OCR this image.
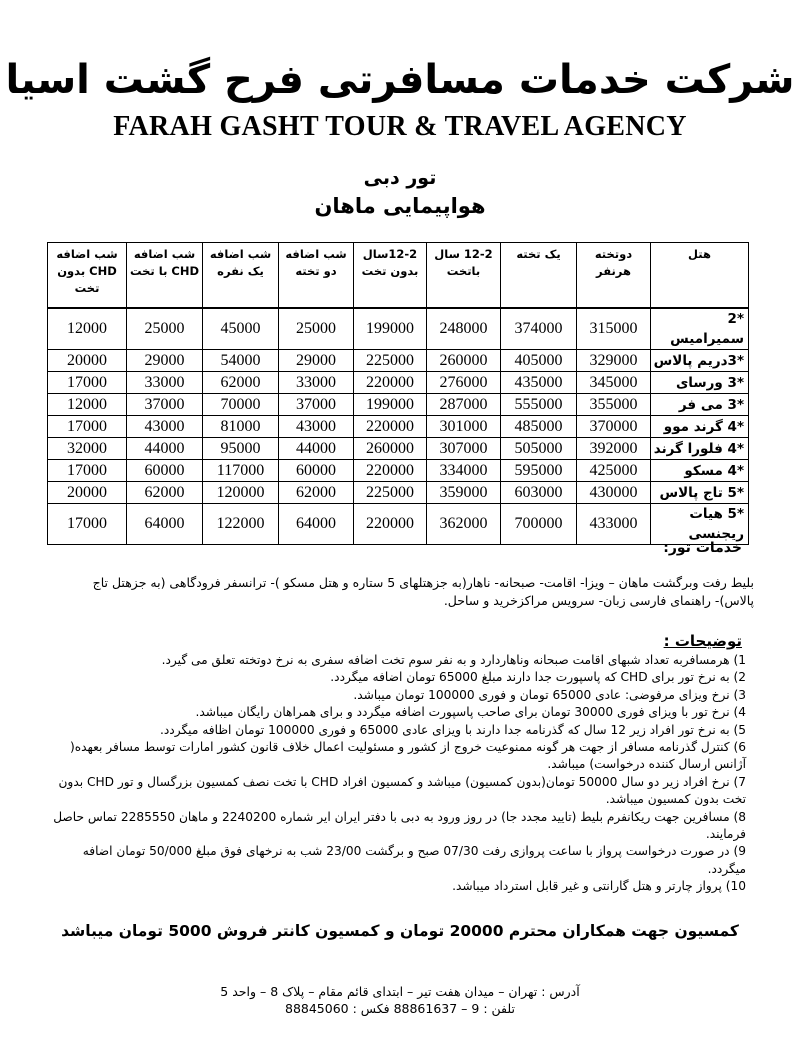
شرکت خدمات مسافرتی فرح گشت اسیا
FARAH GASHT TOUR & TRAVEL AGENCY
تور دبی
هواپیمایی ماهان
شب اضافه CHD بدون تخت	شب اضافه CHD با تخت	شب اضافه یک نفره	شب اضافه دو تخته	12-2سال بدون تخت	12-2 سال باتخت	یک تخته	دوتخته هرنفر	هتل
12000	25000	45000	25000	199000	248000	374000	315000	*2 سمیرامیس
20000	29000	54000	29000	225000	260000	405000	329000	*3دریم پالاس
17000	33000	62000	33000	220000	276000	435000	345000	*3 ورسای
12000	37000	70000	37000	199000	287000	555000	355000	*3 می فر
17000	43000	81000	43000	220000	301000	485000	370000	*4 گرند موو
32000	44000	95000	44000	260000	307000	505000	392000	*4 فلورا گرند
17000	60000	117000	60000	220000	334000	595000	425000	*4 مسکو
20000	62000	120000	62000	225000	359000	603000	430000	*5 تاج پالاس
17000	64000	122000	64000	220000	362000	700000	433000	*5 هیات ریجنسی
خدمات تور:
بلیط رفت وبرگشت ماهان – ویزا- اقامت- صبحانه- ناهار(به جزهتلهای 5 ستاره و هتل مسکو )- ترانسفر فرودگاهی (به جزهتل تاج پالاس)- راهنمای فارسی زبان- سرویس مراکزخرید و ساحل.
توضیحات :
1) هرمسافربه تعداد شبهای اقامت صبحانه وناهاردارد و به نفر سوم تخت اضافه سفری به نرخ دوتخته تعلق می گیرد.
2) به نرخ تور برای CHD که پاسپورت جدا دارند مبلغ 65000 تومان اضافه میگردد.
3) نرخ ویزای مرفوضی: عادی 65000 تومان و فوری 100000 تومان میباشد.
4) نرخ تور با ویزای فوری 30000 تومان برای صاحب پاسپورت اضافه میگردد و برای همراهان رایگان میباشد.
5) به نرخ تور افراد زیر 12 سال که گذرنامه جدا دارند با ویزای عادی 65000 و فوری 100000 تومان اظافه میگردد.
6) کنترل گذرنامه مسافر از جهت هر گونه ممنوعیت خروج از کشور و مسئولیت اعمال خلاف قانون کشور امارات توسط مسافر بعهده( آژانس ارسال کننده درخواست) میباشد.
7) نرخ افراد زیر دو سال 50000 تومان(بدون کمسیون) میباشد و کمسیون افراد CHD با تخت نصف کمسیون بزرگسال و تور CHD بدون تخت بدون کمسیون میباشد.
8) مسافرین جهت ریکانفرم بلیط (تایید مجدد جا) در روز ورود به دبی با دفتر ایران ایر شماره 2240200 و ماهان 2285550 تماس حاصل فرمایند.
9) در صورت درخواست پرواز با ساعت پروازی رفت 07/30 صبح و برگشت 23/00 شب به نرخهای فوق مبلغ 50/000 تومان اضافه میگردد.
10) پرواز چارتر و هتل گارانتی و غیر قابل استرداد میباشد.
کمسیون جهت همکاران محترم 20000 تومان و کمسیون کانتر فروش 5000 تومان میباشد
آدرس : تهران – میدان هفت تیر – ابتدای قائم مقام – پلاک 8 – واحد 5
تلفن : 9 – 88861637 فکس : 88845060
